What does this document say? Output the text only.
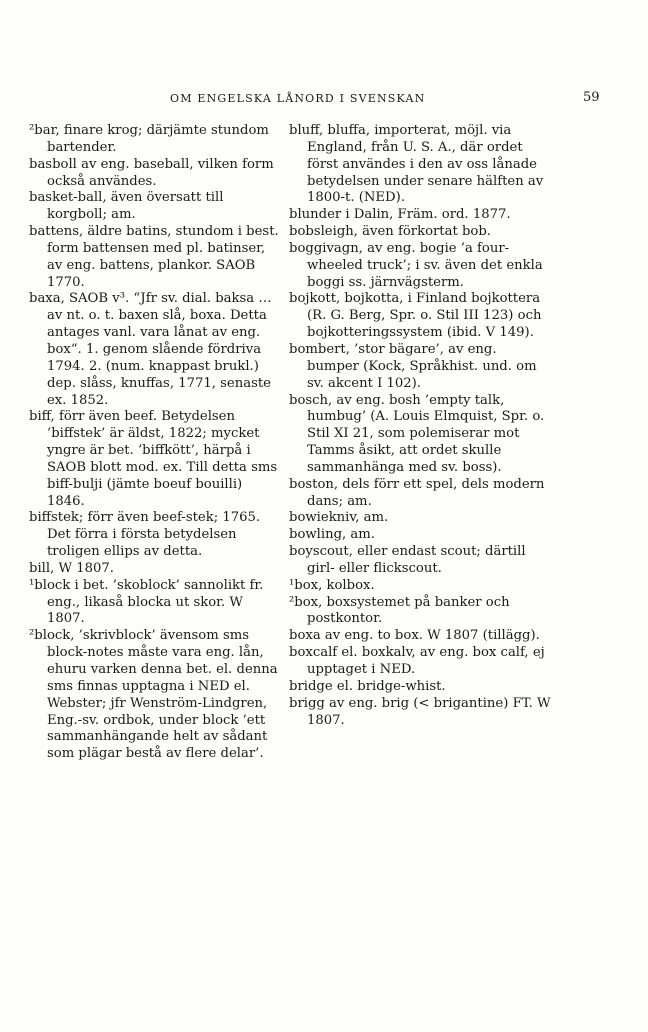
OM ENGELSKA LÅNORD I SVENSKAN	59
²bar, finare krog; därjämte stundom bartender.
basboll av eng. baseball, vilken form också användes.
basket-ball, även översatt till korgboll; am.
battens, äldre batins, stundom i best. form battensen med pl. batinser, av eng. battens, plankor. SAOB 1770.
baxa, SAOB v³. “Jfr sv. dial. baksa … av nt. o. t. baxen slå, boxa. Detta antages vanl. vara lånat av eng. box“. 1. genom slående fördriva 1794. 2. (num. knappast brukl.) dep. slåss, knuffas, 1771, senaste ex. 1852.
biff, förr även beef. Betydelsen ’biffstek’ är äldst, 1822; mycket yngre är bet. ’biffkött’, härpå i SAOB blott mod. ex. Till detta sms biff-bulji (jämte boeuf bouilli) 1846.
biffstek; förr även beef-stek; 1765. Det förra i första betydelsen troligen ellips av detta.
bill, W 1807.
¹block i bet. ’skoblock’ sannolikt fr. eng., likaså blocka ut skor. W 1807.
²block, ’skrivblock’ ävensom sms block-notes måste vara eng. lån, ehuru varken denna bet. el. denna sms finnas upptagna i NED el. Webster; jfr Wenström-Lindgren, Eng.-sv. ordbok, under block ’ett sammanhängande helt av sådant som plägar bestå av flere delar’.
bluff, bluffa, importerat, möjl. via England, från U. S. A., där ordet först användes i den av oss lånade betydelsen under senare hälften av 1800-t. (NED).
blunder i Dalin, Främ. ord. 1877.
bobsleigh, även förkortat bob.
boggivagn, av eng. bogie ’a four-wheeled truck’; i sv. även det enkla boggi ss. järnvägsterm.
bojkott, bojkotta, i Finland bojkottera (R. G. Berg, Spr. o. Stil III 123) och bojkotteringssystem (ibid. V 149).
bombert, ’stor bägare’, av eng. bumper (Kock, Språkhist. und. om sv. akcent I 102).
bosch, av eng. bosh ’empty talk, humbug’ (A. Louis Elmquist, Spr. o. Stil XI 21, som polemiserar mot Tamms åsikt, att ordet skulle sammanhänga med sv. boss).
boston, dels förr ett spel, dels modern dans; am.
bowiekniv, am.
bowling, am.
boyscout, eller endast scout; därtill girl- eller flickscout.
¹box, kolbox.
²box, boxsystemet på banker och postkontor.
boxa av eng. to box. W 1807 (tillägg).
boxcalf el. boxkalv, av eng. box calf, ej upptaget i NED.
bridge el. bridge-whist.
brigg av eng. brig (< brigantine) FT. W 1807.
